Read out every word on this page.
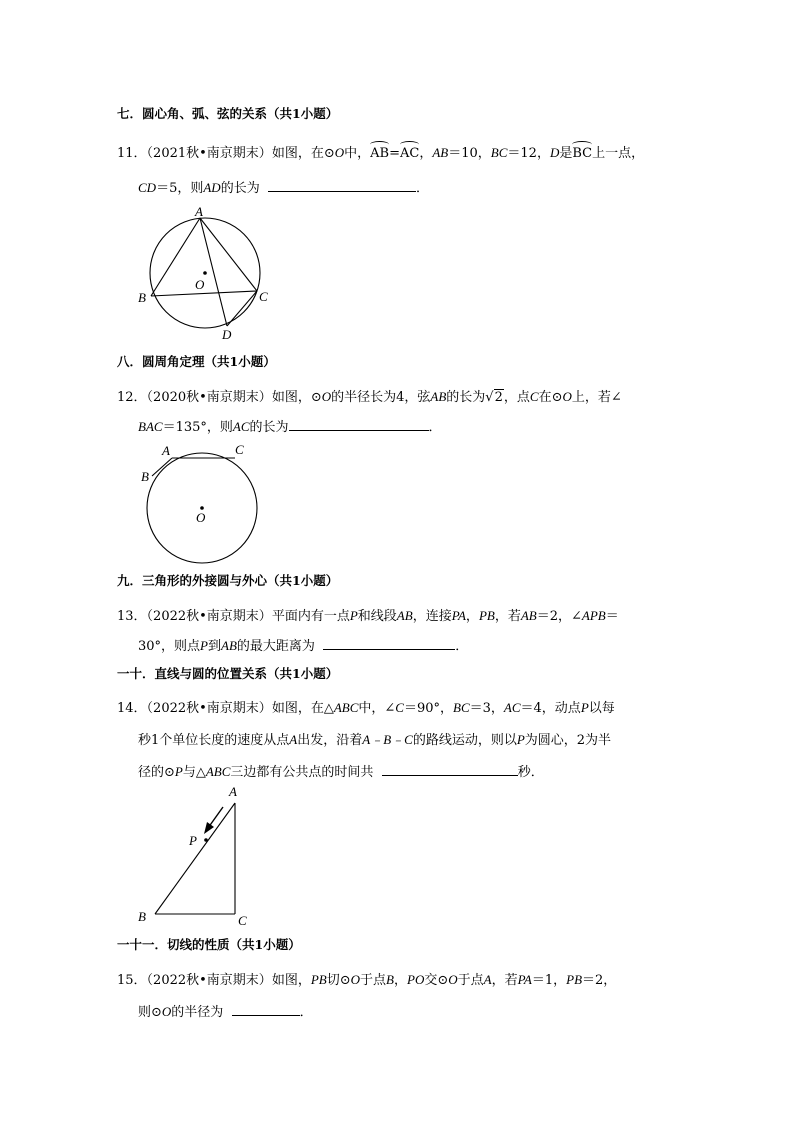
七．圆心角、弧、弦的关系（共1小题）
11．（2021秋•南京期末）如图，在⊙O中，AB=AC，AB＝10，BC＝12，D是BC上一点，
CD＝5，则AD的长为	．
A
B	C
D
O
八．圆周角定理（共1小题）
12．（2020秋•南京期末）如图，⊙O的半径长为4，弦AB的长为√2，点C在⊙O上，若∠
BAC＝135°，则AC的长为	．
A
B
C
O
九．三角形的外接圆与外心（共1小题）
13．（2022秋•南京期末）平面内有一点P和线段AB，连接PA，PB，若AB＝2，∠APB＝
30°，则点P到AB的最大距离为	．
一十．直线与圆的位置关系（共1小题）
14．（2022秋•南京期末）如图，在△ABC中，∠C＝90°，BC＝3，AC＝4，动点P以每
秒1个单位长度的速度从点A出发，沿着A﹣B﹣C的路线运动，则以P为圆心，2为半
径的⊙P与△ABC三边都有公共点的时间共	秒．
A
P
B	C
一十一．切线的性质（共1小题）
15．（2022秋•南京期末）如图，PB切⊙O于点B，PO交⊙O于点A，若PA＝1，PB＝2，
则⊙O的半径为	．
